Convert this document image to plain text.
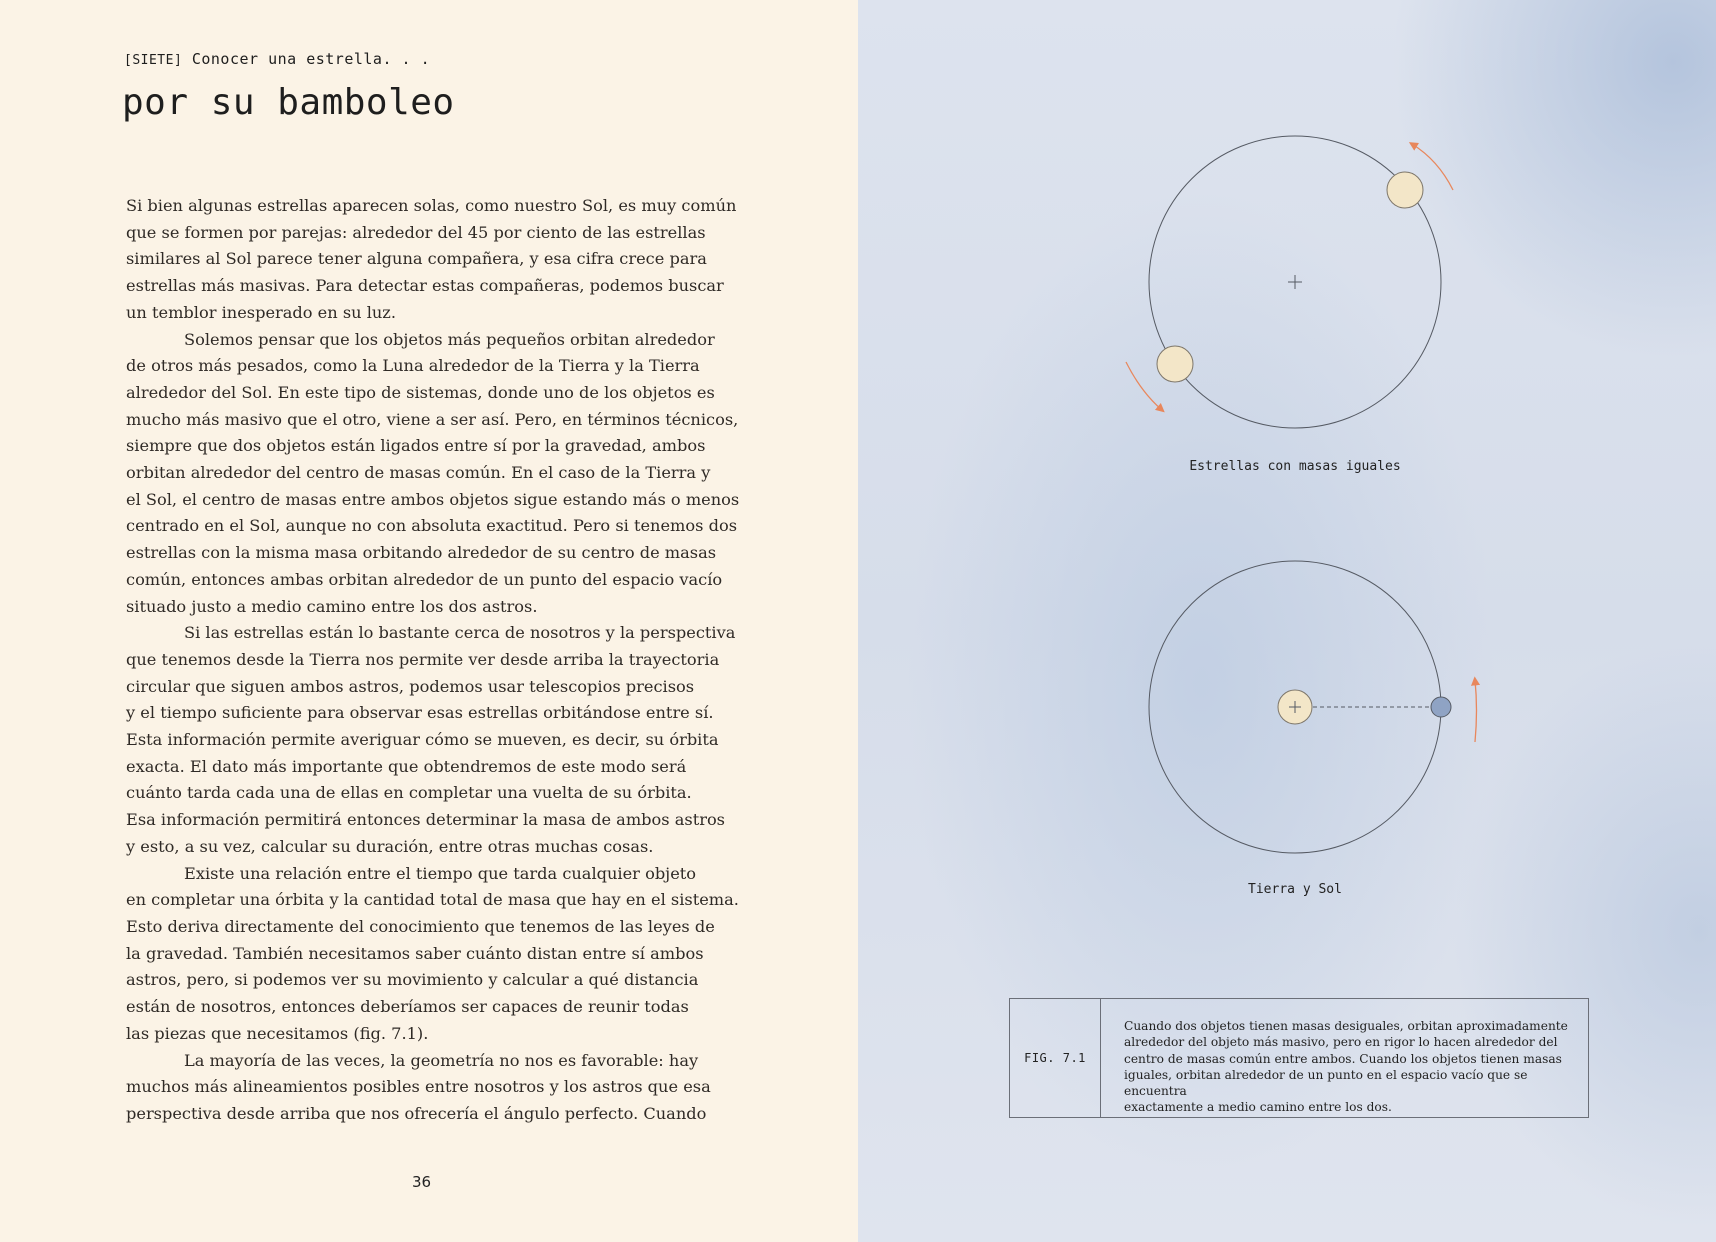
[SIETE] Conocer una estrella. . .
por su bamboleo

Si bien algunas estrellas aparecen solas, como nuestro Sol, es muy común

que se formen por parejas: alrededor del 45 por ciento de las estrellas

similares al Sol parece tener alguna compañera, y esa cifra crece para

estrellas más masivas. Para detectar estas compañeras, podemos buscar

un temblor inesperado en su luz.

Solemos pensar que los objetos más pequeños orbitan alrededor

de otros más pesados, como la Luna alrededor de la Tierra y la Tierra

alrededor del Sol. En este tipo de sistemas, donde uno de los objetos es

mucho más masivo que el otro, viene a ser así. Pero, en términos técnicos,

siempre que dos objetos están ligados entre sí por la gravedad, ambos

orbitan alrededor del centro de masas común. En el caso de la Tierra y

el Sol, el centro de masas entre ambos objetos sigue estando más o menos

centrado en el Sol, aunque no con absoluta exactitud. Pero si tenemos dos

estrellas con la misma masa orbitando alrededor de su centro de masas

común, entonces ambas orbitan alrededor de un punto del espacio vacío

situado justo a medio camino entre los dos astros.

Si las estrellas están lo bastante cerca de nosotros y la perspectiva

que tenemos desde la Tierra nos permite ver desde arriba la trayectoria

circular que siguen ambos astros, podemos usar telescopios precisos

y el tiempo suficiente para observar esas estrellas orbitándose entre sí.

Esta información permite averiguar cómo se mueven, es decir, su órbita

exacta. El dato más importante que obtendremos de este modo será

cuánto tarda cada una de ellas en completar una vuelta de su órbita.

Esa información permitirá entonces determinar la masa de ambos astros

y esto, a su vez, calcular su duración, entre otras muchas cosas.

Existe una relación entre el tiempo que tarda cualquier objeto

en completar una órbita y la cantidad total de masa que hay en el sistema.

Esto deriva directamente del conocimiento que tenemos de las leyes de

la gravedad. También necesitamos saber cuánto distan entre sí ambos

astros, pero, si podemos ver su movimiento y calcular a qué distancia

están de nosotros, entonces deberíamos ser capaces de reunir todas

las piezas que necesitamos (fig. 7.1).

La mayoría de las veces, la geometría no nos es favorable: hay

muchos más alineamientos posibles entre nosotros y los astros que esa

perspectiva desde arriba que nos ofrecería el ángulo perfecto. Cuando

36
Estrellas con masas iguales
Tierra y Sol
FIG. 7.1
Cuando dos objetos tienen masas desiguales, orbitan aproximadamente
alrededor del objeto más masivo, pero en rigor lo hacen alrededor del
centro de masas común entre ambos. Cuando los objetos tienen masas
iguales, orbitan alrededor de un punto en el espacio vacío que se encuentra
exactamente a medio camino entre los dos.
